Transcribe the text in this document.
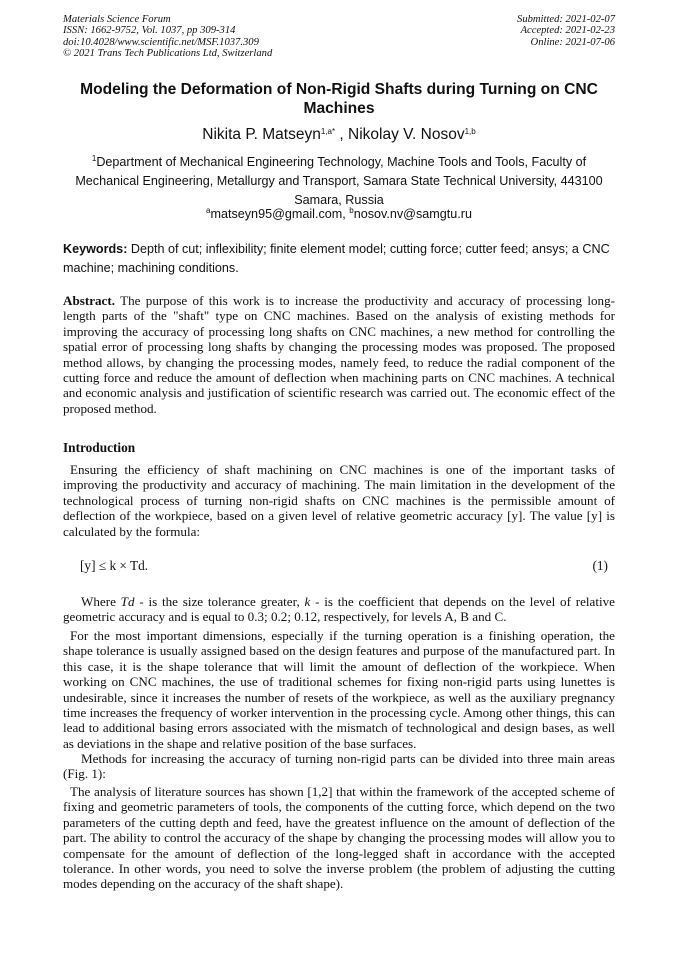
Materials Science Forum
ISSN: 1662-9752, Vol. 1037, pp 309-314
doi:10.4028/www.scientific.net/MSF.1037.309
© 2021 Trans Tech Publications Ltd, Switzerland
Submitted: 2021-02-07
Accepted: 2021-02-23
Online: 2021-07-06
Modeling the Deformation of Non-Rigid Shafts during Turning on CNC Machines
Nikita P. Matseyn$^{1,a*}$ , Nikolay V. Nosov$^{1,b}$
$^1$Department of Mechanical Engineering Technology, Machine Tools and Tools, Faculty of Mechanical Engineering, Metallurgy and Transport, Samara State Technical University, 443100 Samara, Russia
$^a$matseyn95@gmail.com, $^b$nosov.nv@samgtu.ru
Keywords: Depth of cut; inflexibility; finite element model; cutting force; cutter feed; ansys; a CNC machine; machining conditions.

Abstract. The purpose of this work is to increase the productivity and accuracy of processing long-length parts of the "shaft" type on CNC machines. Based on the analysis of existing methods for improving the accuracy of processing long shafts on CNC machines, a new method for controlling the spatial error of processing long shafts by changing the processing modes was proposed. The proposed method allows, by changing the processing modes, namely feed, to reduce the radial component of the cutting force and reduce the amount of deflection when machining parts on CNC machines. A technical and economic analysis and justification of scientific research was carried out. The economic effect of the proposed method.

Introduction

Ensuring the efficiency of shaft machining on CNC machines is one of the important tasks of improving the productivity and accuracy of machining. The main limitation in the development of the technological process of turning non-rigid shafts on CNC machines is the permissible amount of deflection of the workpiece, based on a given level of relative geometric accuracy [y]. The value [y] is calculated by the formula:

[y] ≤ k × Td.	(1)

Where Td - is the size tolerance greater, k - is the coefficient that depends on the level of relative geometric accuracy and is equal to 0.3; 0.2; 0.12, respectively, for levels A, B and C.

For the most important dimensions, especially if the turning operation is a finishing operation, the shape tolerance is usually assigned based on the design features and purpose of the manufactured part. In this case, it is the shape tolerance that will limit the amount of deflection of the workpiece. When working on CNC machines, the use of traditional schemes for fixing non-rigid parts using lunettes is undesirable, since it increases the number of resets of the workpiece, as well as the auxiliary pregnancy time increases the frequency of worker intervention in the processing cycle. Among other things, this can lead to additional basing errors associated with the mismatch of technological and design bases, as well as deviations in the shape and relative position of the base surfaces.

Methods for increasing the accuracy of turning non-rigid parts can be divided into three main areas (Fig. 1):

The analysis of literature sources has shown [1,2] that within the framework of the accepted scheme of fixing and geometric parameters of tools, the components of the cutting force, which depend on the two parameters of the cutting depth and feed, have the greatest influence on the amount of deflection of the part. The ability to control the accuracy of the shape by changing the processing modes will allow you to compensate for the amount of deflection of the long-legged shaft in accordance with the accepted tolerance. In other words, you need to solve the inverse problem (the problem of adjusting the cutting modes depending on the accuracy of the shaft shape).
